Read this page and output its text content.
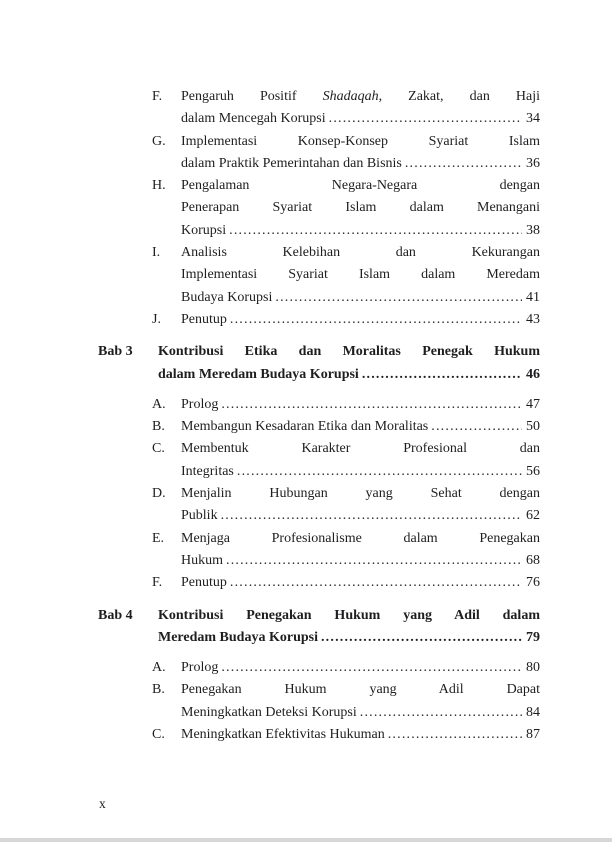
F.	Pengaruh Positif Shadaqah, Zakat, dan Haji
dalam Mencegah Korupsi .....	34
G.	Implementasi Konsep-Konsep Syariat Islam
dalam Praktik Pemerintahan dan Bisnis .....	36
H.	Pengalaman Negara-Negara dengan
Penerapan Syariat Islam dalam Menangani
Korupsi .....	38
I.	Analisis Kelebihan dan Kekurangan
Implementasi Syariat Islam dalam Meredam
Budaya Korupsi .....	41
J.	Penutup .....	43
Bab 3	Kontribusi Etika dan Moralitas Penegak Hukum
dalam Meredam Budaya Korupsi .....	46
A.	Prolog .....	47
B.	Membangun Kesadaran Etika dan Moralitas .....	50
C.	Membentuk Karakter Profesional dan
Integritas .....	56
D.	Menjalin Hubungan yang Sehat dengan
Publik .....	62
E.	Menjaga Profesionalisme dalam Penegakan
Hukum .....	68
F.	Penutup .....	76
Bab 4	Kontribusi Penegakan Hukum yang Adil dalam
Meredam Budaya Korupsi .....	79
A.	Prolog .....	80
B.	Penegakan Hukum yang Adil Dapat
Meningkatkan Deteksi Korupsi .....	84
C.	Meningkatkan Efektivitas Hukuman .....	87
x
